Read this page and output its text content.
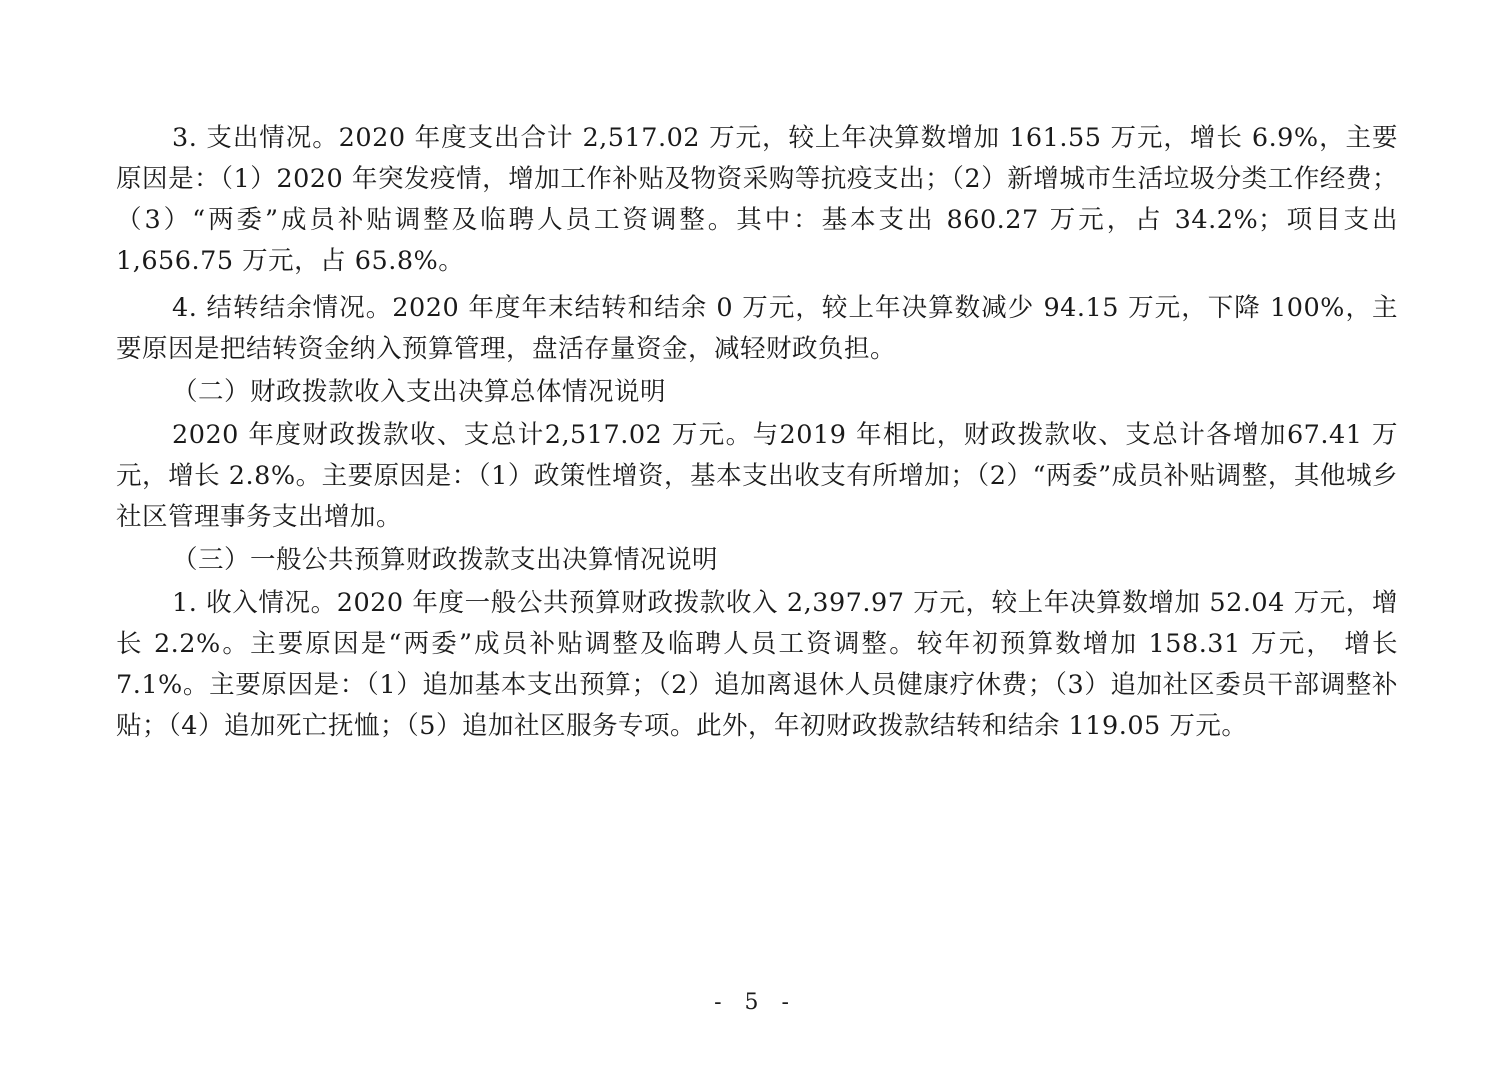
3. 支出情况。2020 年度支出合计 2,517.02 万元，较上年决算数增加 161.55 万元，增长 6.9%，主要原因是：（1）2020 年突发疫情，增加工作补贴及物资采购等抗疫支出；（2）新增城市生活垃圾分类工作经费；（3）“两委”成员补贴调整及临聘人员工资调整。其中：基本支出 860.27 万元，占 34.2%；项目支出 1,656.75 万元，占 65.8%。

4. 结转结余情况。2020 年度年末结转和结余 0 万元，较上年决算数减少 94.15 万元，下降 100%，主要原因是把结转资金纳入预算管理，盘活存量资金，减轻财政负担。

（二）财政拨款收入支出决算总体情况说明

2020 年度财政拨款收、支总计2,517.02 万元。与2019 年相比，财政拨款收、支总计各增加67.41 万元，增长 2.8%。主要原因是：（1）政策性增资，基本支出收支有所增加；（2）“两委”成员补贴调整，其他城乡社区管理事务支出增加。

（三）一般公共预算财政拨款支出决算情况说明

1. 收入情况。2020 年度一般公共预算财政拨款收入 2,397.97 万元，较上年决算数增加 52.04 万元，增长 2.2%。主要原因是“两委”成员补贴调整及临聘人员工资调整。较年初预算数增加 158.31 万元， 增长 7.1%。主要原因是：（1）追加基本支出预算；（2）追加离退休人员健康疗休费；（3）追加社区委员干部调整补贴；（4）追加死亡抚恤；（5）追加社区服务专项。此外，年初财政拨款结转和结余 119.05 万元。

- 5 -
